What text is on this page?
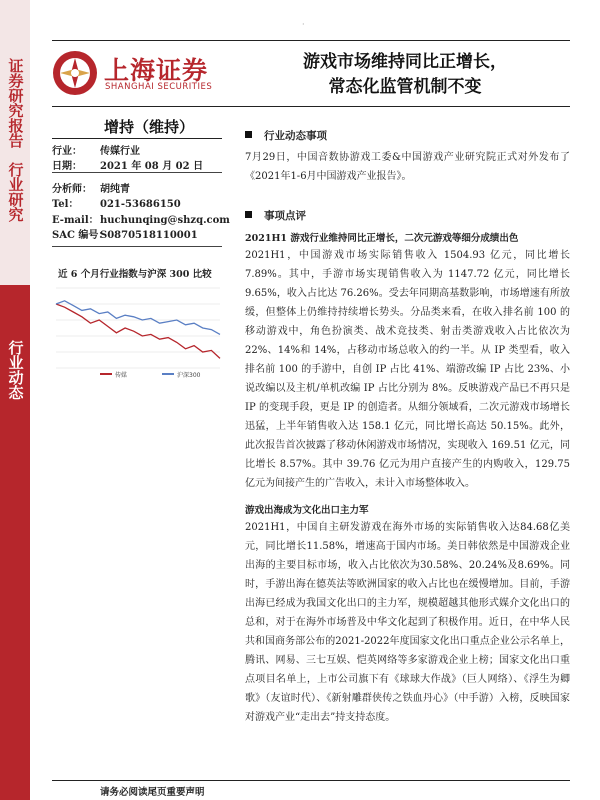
证券研究报告
行业研究
行业动态
·
上海证券
SHANGHAI SECURITIES
游戏市场维持同比正增长，
常态化监管机制不变
增持（维持）
行业： 传媒行业
日期： 2021 年 08 月 02 日
分析师： 胡纯青
Tel： 021-53686150
E-mail：huchunqing@shzq.com
SAC 编号：S0870518110001
近 6 个月行业指数与沪深 300 比较
传媒	沪深300
行业动态事项

7月29日，中国音数协游戏工委&中国游戏产业研究院正式对外发布了《2021年1-6月中国游戏产业报告》。

事项点评
2021H1 游戏行业维持同比正增长，二次元游戏等细分成绩出色

2021H1，中国游戏市场实际销售收入 1504.93 亿元，同比增长 7.89%。其中，手游市场实现销售收入为 1147.72 亿元，同比增长 9.65%，收入占比达 76.26%。受去年同期高基数影响，市场增速有所放缓，但整体上仍维持持续增长势头。分品类来看，在收入排名前 100 的移动游戏中，角色扮演类、战术竞技类、射击类游戏收入占比依次为 22%、14%和 14%，占移动市场总收入的约一半。从 IP 类型看，收入排名前 100 的手游中，自创 IP 占比 41%、端游改编 IP 占比 23%、小说改编以及主机/单机改编 IP 占比分别为 8%。反映游戏产品已不再只是 IP 的变现手段，更是 IP 的创造者。从细分领域看，二次元游戏市场增长迅猛，上半年销售收入达 158.1 亿元，同比增长高达 50.15%。此外，此次报告首次披露了移动休闲游戏市场情况，实现收入 169.51 亿元，同比增长 8.57%。其中 39.76 亿元为用户直接产生的内购收入，129.75 亿元为间接产生的广告收入，未计入市场整体收入。

游戏出海成为文化出口主力军

2021H1，中国自主研发游戏在海外市场的实际销售收入达84.68亿美元，同比增长11.58%，增速高于国内市场。美日韩依然是中国游戏企业出海的主要目标市场，收入占比依次为30.58%、20.24%及8.69%。同时，手游出海在德英法等欧洲国家的收入占比也在缓慢增加。目前，手游出海已经成为我国文化出口的主力军，规模超越其他形式媒介文化出口的总和，对于在海外市场普及中华文化起到了积极作用。近日，在中华人民共和国商务部公布的2021-2022年度国家文化出口重点企业公示名单上，腾讯、网易、三七互娱、恺英网络等多家游戏企业上榜；国家文化出口重点项目名单上，上市公司旗下有《球球大作战》（巨人网络）、《浮生为卿歌》（友谊时代）、《新射雕群侠传之铁血丹心》（中手游）入榜，反映国家对游戏产业“走出去”持支持态度。

请务必阅读尾页重要声明
